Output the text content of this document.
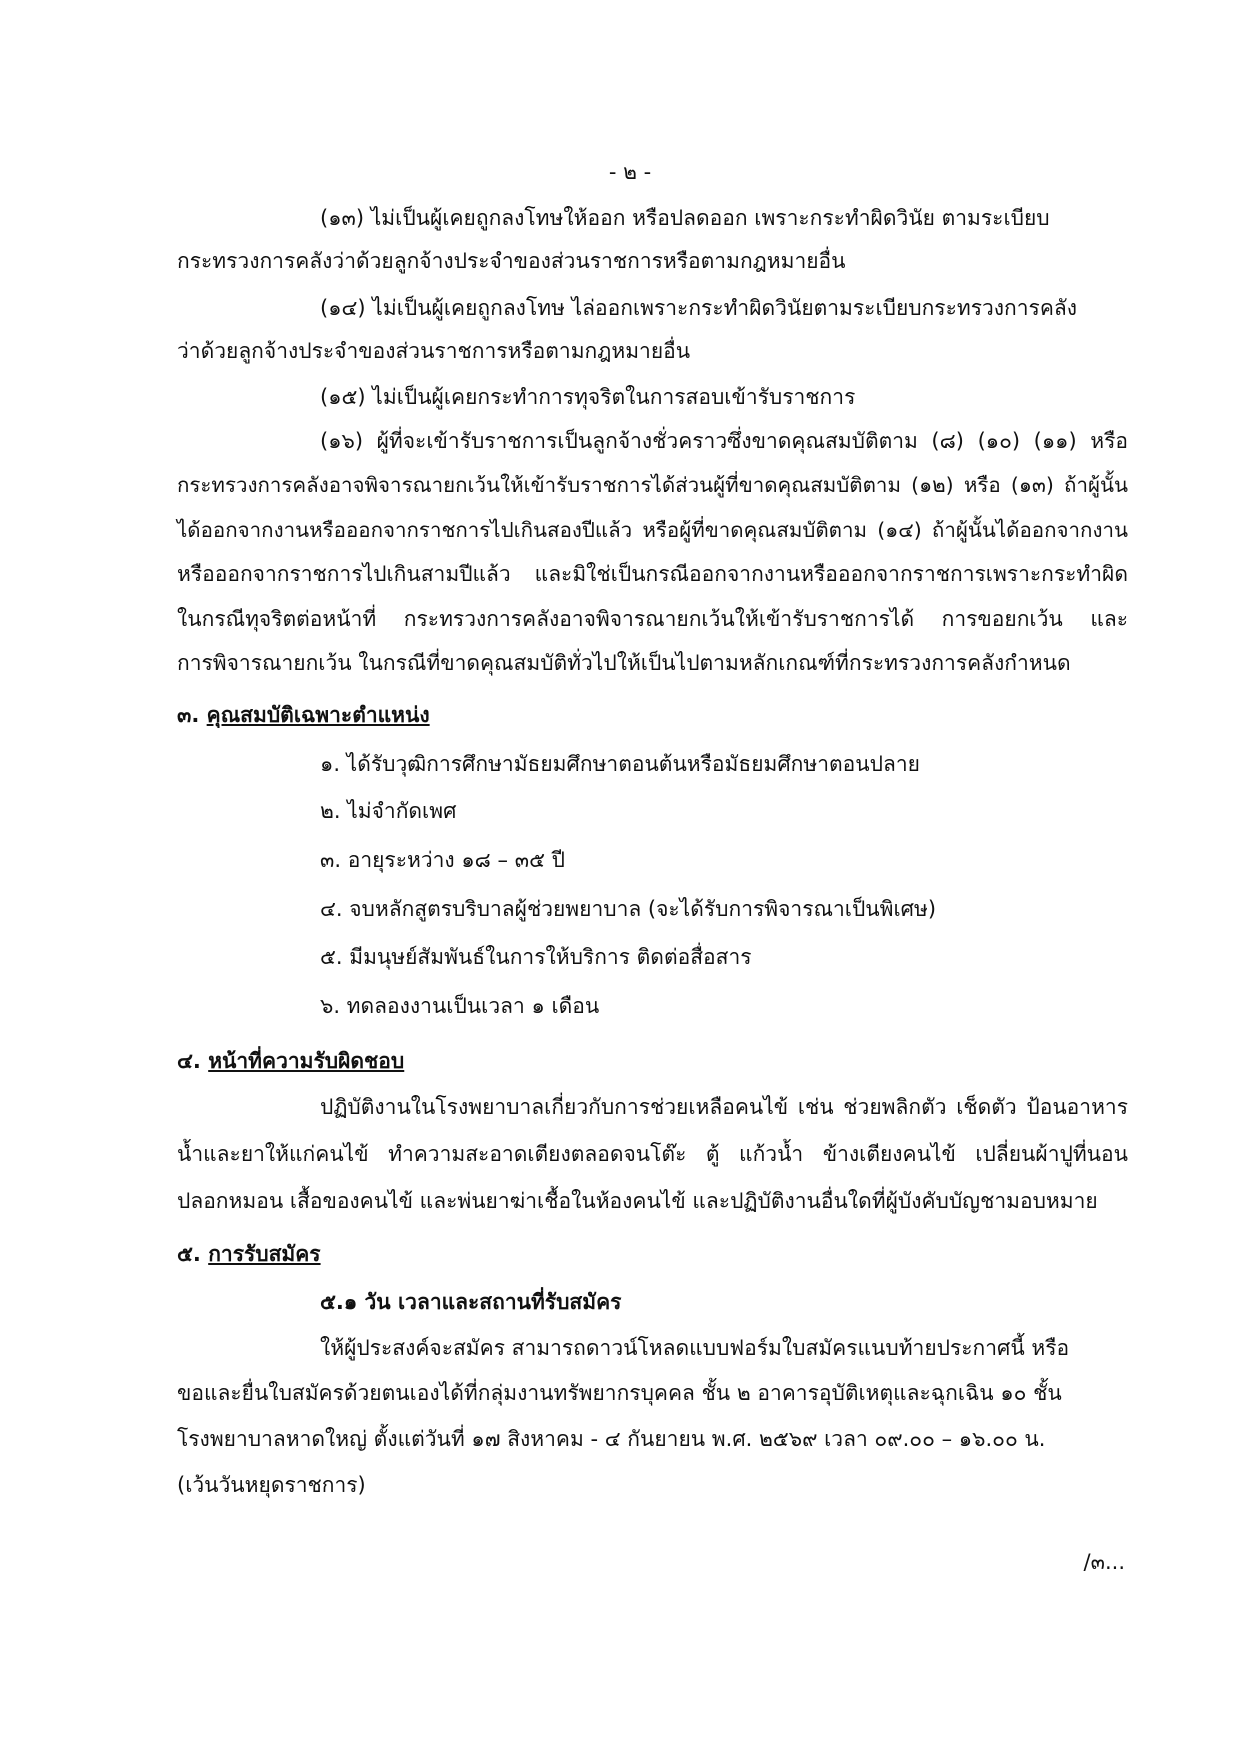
- ๒ -
(๑๓) ไม่เป็นผู้เคยถูกลงโทษให้ออก หรือปลดออก เพราะกระทำผิดวินัย ตามระเบียบ
กระทรวงการคลังว่าด้วยลูกจ้างประจำของส่วนราชการหรือตามกฎหมายอื่น
(๑๔) ไม่เป็นผู้เคยถูกลงโทษ ไล่ออกเพราะกระทำผิดวินัยตามระเบียบกระทรวงการคลัง
ว่าด้วยลูกจ้างประจำของส่วนราชการหรือตามกฎหมายอื่น
(๑๕) ไม่เป็นผู้เคยกระทำการทุจริตในการสอบเข้ารับราชการ
(๑๖) ผู้ที่จะเข้ารับราชการเป็นลูกจ้างชั่วคราวซึ่งขาดคุณสมบัติตาม (๘) (๑๐) (๑๑) หรือ
กระทรวงการคลังอาจพิจารณายกเว้นให้เข้ารับราชการได้ส่วนผู้ที่ขาดคุณสมบัติตาม (๑๒) หรือ (๑๓) ถ้าผู้นั้น
ได้ออกจากงานหรือออกจากราชการไปเกินสองปีแล้ว หรือผู้ที่ขาดคุณสมบัติตาม (๑๔) ถ้าผู้นั้นได้ออกจากงาน
หรือออกจากราชการไปเกินสามปีแล้ว และมิใช่เป็นกรณีออกจากงานหรือออกจากราชการเพราะกระทำผิด
ในกรณีทุจริตต่อหน้าที่ กระทรวงการคลังอาจพิจารณายกเว้นให้เข้ารับราชการได้ การขอยกเว้น และ
การพิจารณายกเว้น ในกรณีที่ขาดคุณสมบัติทั่วไปให้เป็นไปตามหลักเกณฑ์ที่กระทรวงการคลังกำหนด
๓. คุณสมบัติเฉพาะตำแหน่ง
๑. ได้รับวุฒิการศึกษามัธยมศึกษาตอนต้นหรือมัธยมศึกษาตอนปลาย
๒. ไม่จำกัดเพศ
๓. อายุระหว่าง ๑๘ – ๓๕ ปี
๔. จบหลักสูตรบริบาลผู้ช่วยพยาบาล (จะได้รับการพิจารณาเป็นพิเศษ)
๕. มีมนุษย์สัมพันธ์ในการให้บริการ ติดต่อสื่อสาร
๖. ทดลองงานเป็นเวลา ๑ เดือน
๔. หน้าที่ความรับผิดชอบ
ปฏิบัติงานในโรงพยาบาลเกี่ยวกับการช่วยเหลือคนไข้ เช่น ช่วยพลิกตัว เช็ดตัว ป้อนอาหาร
น้ำและยาให้แก่คนไข้ ทำความสะอาดเตียงตลอดจนโต๊ะ ตู้ แก้วน้ำ ข้างเตียงคนไข้ เปลี่ยนผ้าปูที่นอน
ปลอกหมอน เสื้อของคนไข้ และพ่นยาฆ่าเชื้อในห้องคนไข้ และปฏิบัติงานอื่นใดที่ผู้บังคับบัญชามอบหมาย
๕. การรับสมัคร
๕.๑ วัน เวลาและสถานที่รับสมัคร
ให้ผู้ประสงค์จะสมัคร สามารถดาวน์โหลดแบบฟอร์มใบสมัครแนบท้ายประกาศนี้ หรือ
ขอและยื่นใบสมัครด้วยตนเองได้ที่กลุ่มงานทรัพยากรบุคคล ชั้น ๒ อาคารอุบัติเหตุและฉุกเฉิน ๑๐ ชั้น
โรงพยาบาลหาดใหญ่ ตั้งแต่วันที่ ๑๗ สิงหาคม - ๔ กันยายน พ.ศ. ๒๕๖๙ เวลา ๐๙.๐๐ – ๑๖.๐๐ น.
(เว้นวันหยุดราชการ)
/๓...
